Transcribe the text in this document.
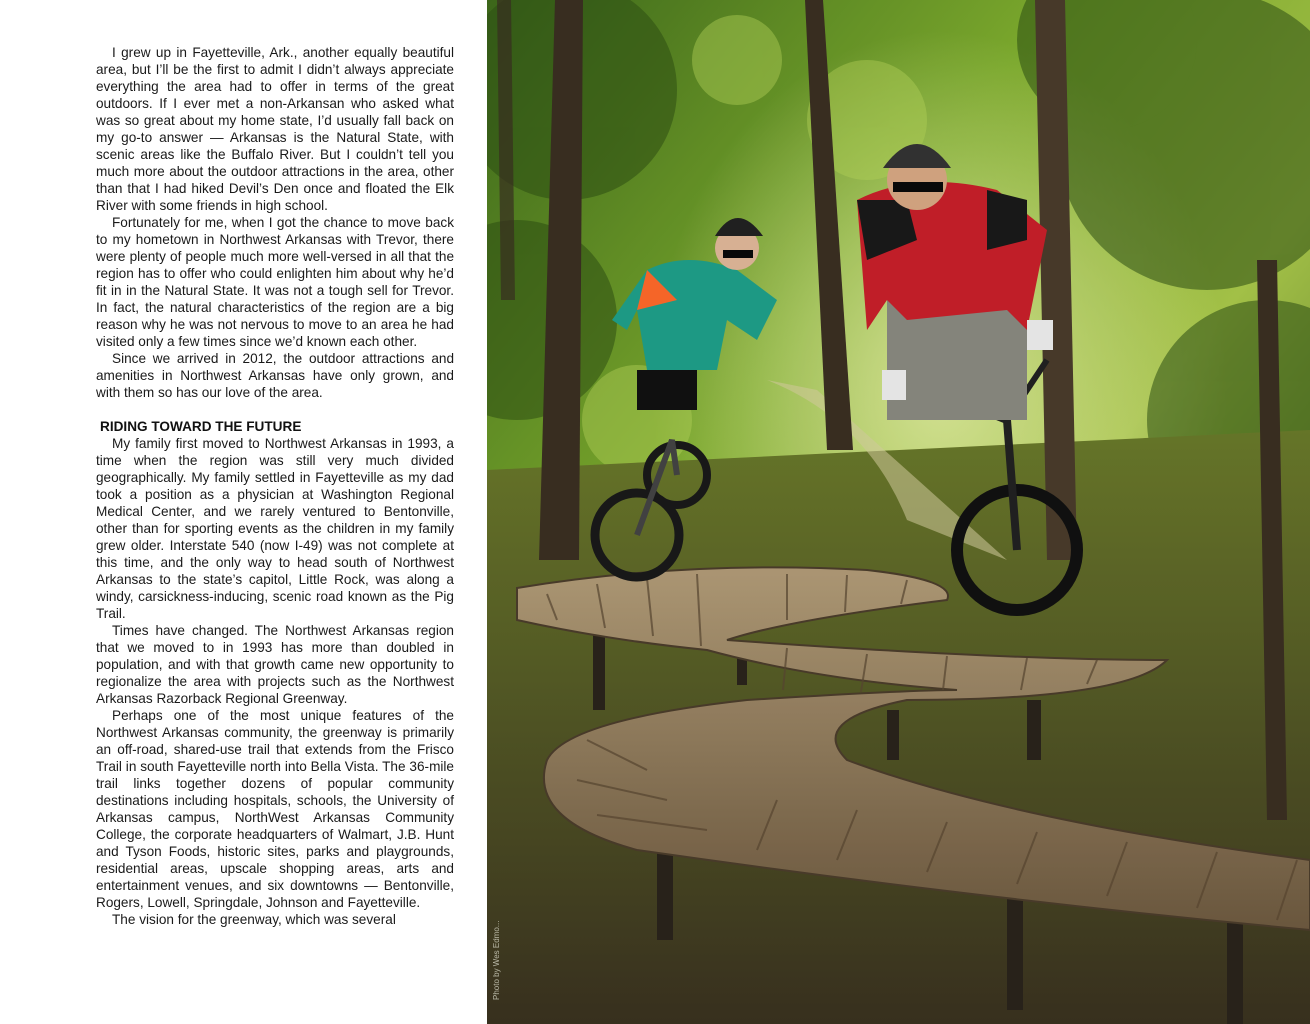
I grew up in Fayetteville, Ark., another equally beautiful area, but I’ll be the first to admit I didn’t always appreciate everything the area had to offer in terms of the great outdoors. If I ever met a non-Arkansan who asked what was so great about my home state, I’d usually fall back on my go-to answer — Arkansas is the Natural State, with scenic areas like the Buffalo River. But I couldn’t tell you much more about the outdoor attractions in the area, other than that I had hiked Devil’s Den once and floated the Elk River with some friends in high school.

Fortunately for me, when I got the chance to move back to my hometown in Northwest Arkansas with Trevor, there were plenty of people much more well-versed in all that the region has to offer who could enlighten him about why he’d fit in in the Natural State. It was not a tough sell for Trevor. In fact, the natural characteristics of the region are a big reason why he was not nervous to move to an area he had visited only a few times since we’d known each other.

Since we arrived in 2012, the outdoor attractions and amenities in Northwest Arkansas have only grown, and with them so has our love of the area.

RIDING TOWARD THE FUTURE

My family first moved to Northwest Arkansas in 1993, a time when the region was still very much divided geographically. My family settled in Fayetteville as my dad took a position as a physician at Washington Regional Medical Center, and we rarely ventured to Bentonville, other than for sporting events as the children in my family grew older. Interstate 540 (now I-49) was not complete at this time, and the only way to head south of Northwest Arkansas to the state’s capitol, Little Rock, was along a windy, carsickness-inducing, scenic road known as the Pig Trail.

Times have changed. The Northwest Arkansas region that we moved to in 1993 has more than doubled in population, and with that growth came new opportunity to regionalize the area with projects such as the Northwest Arkansas Razorback Regional Greenway.

Perhaps one of the most unique features of the Northwest Arkansas community, the greenway is primarily an off-road, shared-use trail that extends from the Frisco Trail in south Fayetteville north into Bella Vista. The 36-mile trail links together dozens of popular community destinations including hospitals, schools, the University of Arkansas campus, NorthWest Arkansas Community College, the corporate headquarters of Walmart, J.B. Hunt and Tyson Foods, historic sites, parks and playgrounds, residential areas, upscale shopping areas, arts and entertainment venues, and six downtowns — Bentonville, Rogers, Lowell, Springdale, Johnson and Fayetteville.

The vision for the greenway, which was several

Photo by Wes Edmo...
